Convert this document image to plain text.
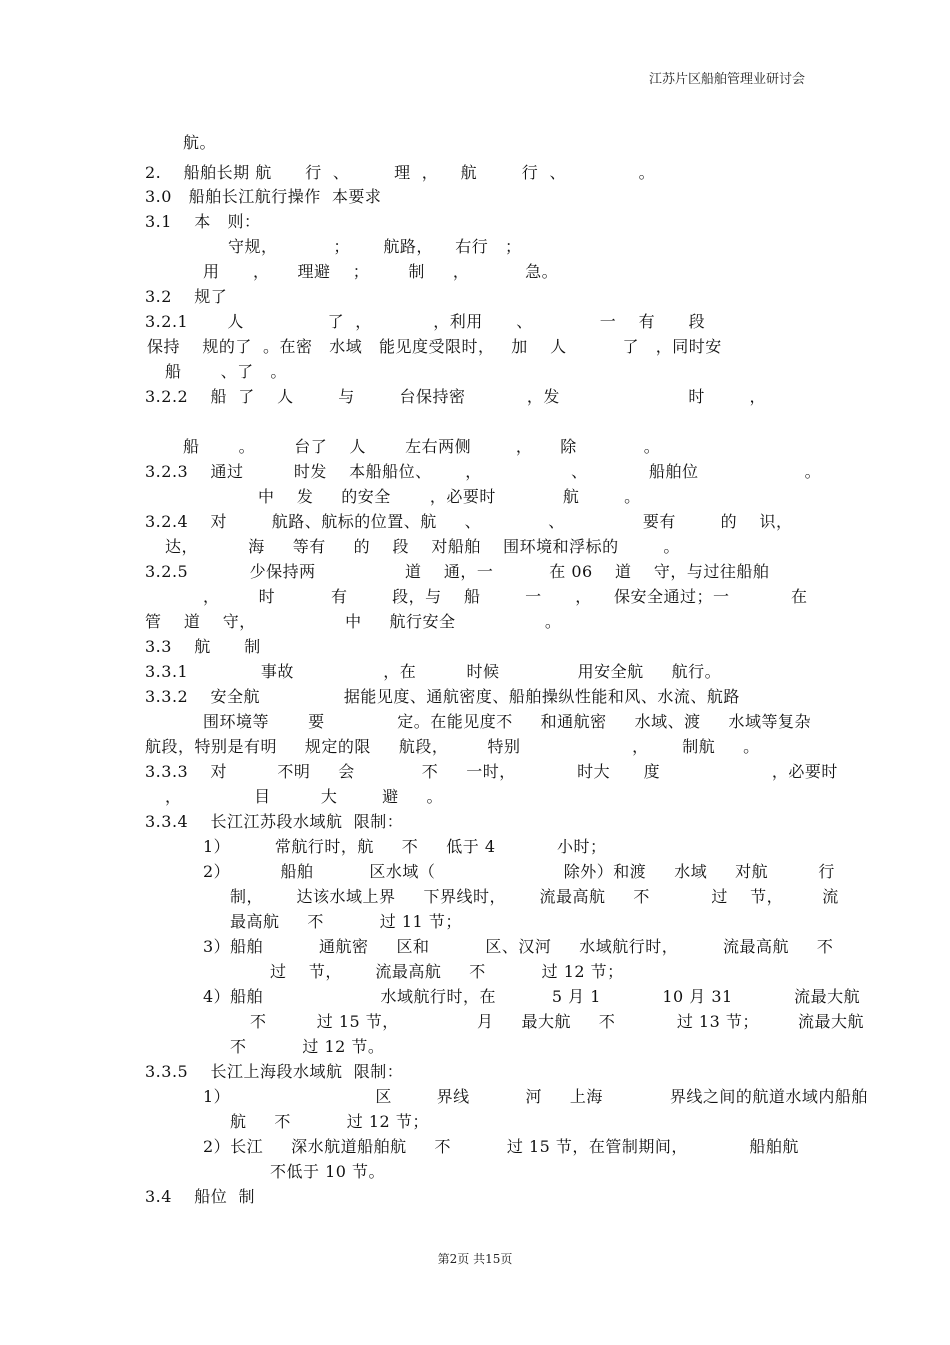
江苏片区船舶管理业研讨会
航。
2.    船舶长期 航      行  、        理  ，    航        行  、             。
3.0   船舶长江航行操作  本要求
3.1    本   则：
守规，          ；      航路，    右行   ；
用      ，     理避    ；       制     ，          急。
3.2    规了
3.2.1       人               了  ，           ，利用      、            一    有      段
保持    规的了  。在密   水域   能见度受限时，   加    人          了   ，同时安
船       、了   。
3.2.2    船  了    人        与        台保持密           ，发                       时        ，
船       。       台了    人       左右两侧        ，     除            。
3.2.3    通过         时发    本船船位、      ，                、           船舶位                   。
中    发     的安全       ，必要时            航        。
3.2.4    对        航路、航标的位置、航     、            、              要有        的    识，
达，         海     等有     的    段    对船舶    围环境和浮标的        。
3.2.5           少保持两                道    通，一          在 06    道    守，与过往船舶
，       时          有        段，与    船        一      ，    保安全通过；一           在
管    道    守，                中     航行安全                。
3.3    航      制
3.3.1             事故                ，在         时候              用安全航     航行。
3.3.2    安全航               据能见度、通航密度、船舶操纵性能和风、水流、航路
围环境等       要             定。在能见度不     和通航密     水域、渡     水域等复杂
航段，特别是有明     规定的限     航段，       特别                    ，      制航     。
3.3.3    对         不明     会            不     一时，           时大      度                    ，必要时
，             目         大        避     。
3.3.4    长江江苏段水域航  限制：
1）        常航行时，航     不     低于 4           小时；
2）         船舶          区水域（                       除外）和渡     水域     对航         行
制，      达该水域上界     下界线时，      流最高航     不           过    节，       流
最高航     不          过 11 节；
3）船舶          通航密     区和          区、汉河     水域航行时，        流最高航     不
过    节，      流最高航     不          过 12 节；
4）船舶                     水域航行时，在          5 月 1           10 月 31           流最大航
不         过 15 节，              月     最大航     不           过 13 节；       流最大航
不          过 12 节。
3.3.5    长江上海段水域航  限制：
1）                          区        界线          河     上海            界线之间的航道水域内船舶
航     不          过 12 节；
2）长江     深水航道船舶航     不          过 15 节，在管制期间，           船舶航
不低于 10 节。
3.4    船位  制
第2页 共15页
